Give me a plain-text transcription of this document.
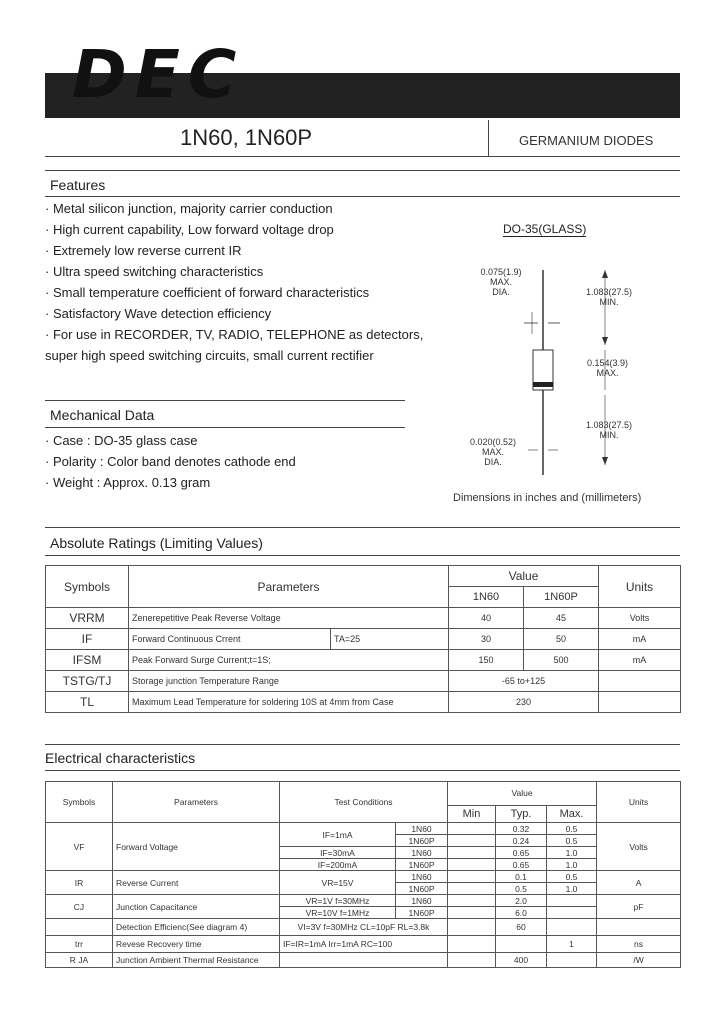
DEC
1N60, 1N60P	GERMANIUM DIODES
Features
· Metal silicon junction, majority carrier conduction
· High current capability, Low forward voltage drop
· Extremely low reverse current IR
· Ultra speed switching characteristics
· Small temperature coefficient of forward characteristics
· Satisfactory Wave detection efficiency
· For use in RECORDER, TV, RADIO, TELEPHONE as detectors,
super high speed switching circuits, small current rectifier
Mechanical Data
· Case : DO-35 glass case
· Polarity : Color band denotes cathode end
· Weight : Approx. 0.13 gram
DO-35(GLASS)
0.075(1.9)
MAX.
DIA.	1.083(27.5)
MIN.
0.154(3.9)
MAX.
1.083(27.5)
MIN.
0.020(0.52)
MAX.
DIA.
Dimensions in inches and (millimeters)
Absolute Ratings (Limiting Values)
Symbols	Parameters		Value		Units
			1N60	1N60P	
VRRM	Zenerepetitive Peak Reverse Voltage		40	45	Volts
IF	Forward Continuous Crrent	TA=25	30	50	mA
IFSM	Peak Forward Surge Current;t=1S;		150	500	mA
TSTG/TJ	Storage junction Temperature Range		-65 to+125		
TL	Maximum Lead Temperature for soldering 10S at 4mm from Case		230		
Electrical characteristics
Symbols	Parameters	Test Conditions		Value			Units
				Min	Typ.	Max.	
VF	Forward Voltage	IF=1mA	1N60		0.32	0.5	Volts
			1N60P		0.24	0.5	
		IF=30mA	1N60		0.65	1.0	
		IF=200mA	1N60P		0.65	1.0	
IR	Reverse Current	VR=15V	1N60		0.1	0.5	A
			1N60P		0.5	1.0	
CJ	Junction Capacitance	VR=1V f=30MHz	1N60		2.0		pF
		VR=10V f=1MHz	1N60P		6.0		
	Detection Efficienc(See diagram 4)	VI=3V f=30MHz CL=10pF RL=3.8k			60		
trr	Revese Recovery time	IF=IR=1mA Irr=1mA RC=100				1	ns
R JA	Junction Ambient Thermal Resistance				400		/W
